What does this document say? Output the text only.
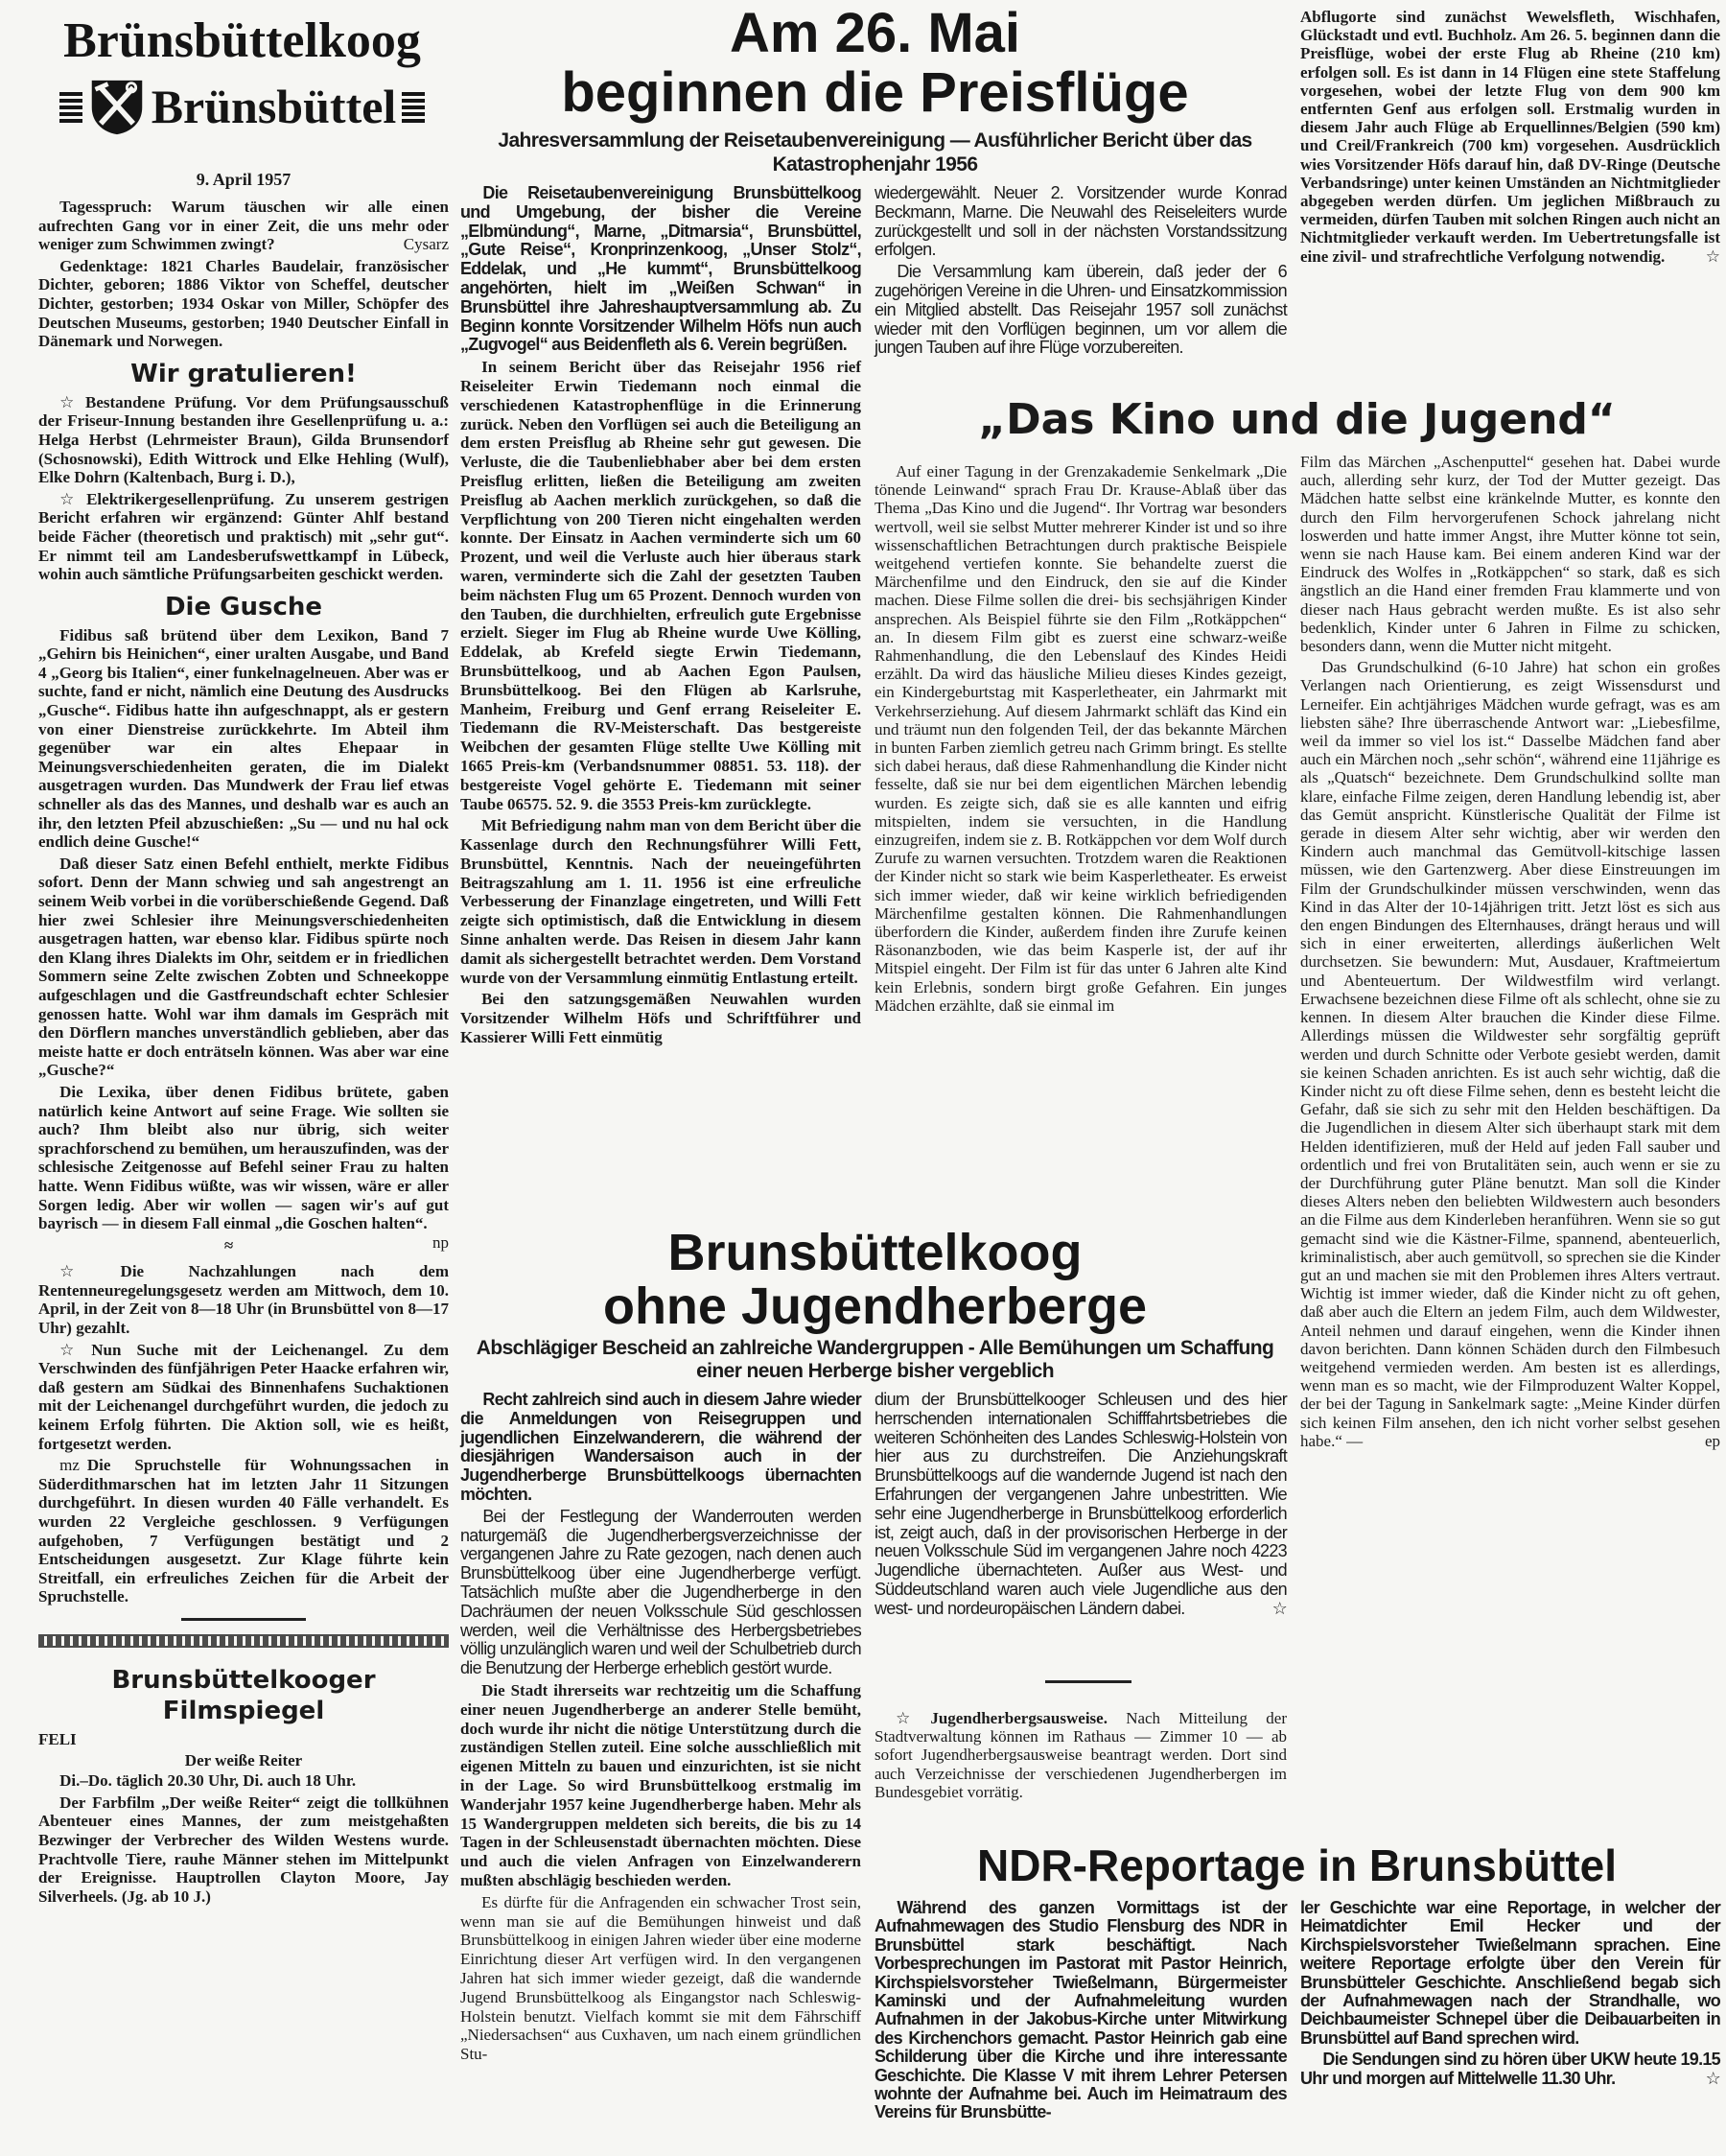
Brünsbüttelkoog
Brünsbüttel
9. April 1957

Tagesspruch: Warum täuschen wir alle einen aufrechten Gang vor in einer Zeit, die uns mehr oder weniger zum Schwimmen zwingt?	Cysarz

Gedenktage: 1821 Charles Baudelair, französischer Dichter, geboren; 1886 Viktor von Scheffel, deutscher Dichter, gestorben; 1934 Oskar von Miller, Schöpfer des Deutschen Museums, gestorben; 1940 Deutscher Einfall in Dänemark und Norwegen.

Wir gratulieren!

☆ Bestandene Prüfung. Vor dem Prüfungsausschuß der Friseur-Innung bestanden ihre Gesellenprüfung u. a.: Helga Herbst (Lehrmeister Braun), Gilda Brunsendorf (Schosnowski), Edith Wittrock und Elke Hehling (Wulf), Elke Dohrn (Kaltenbach, Burg i. D.),

☆ Elektrikergesellenprüfung. Zu unserem gestrigen Bericht erfahren wir ergänzend: Günter Ahlf bestand beide Fächer (theoretisch und praktisch) mit „sehr gut“. Er nimmt teil am Landesberufswettkampf in Lübeck, wohin auch sämtliche Prüfungsarbeiten geschickt werden.

Die Gusche

Fidibus saß brütend über dem Lexikon, Band 7 „Gehirn bis Heinichen“, einer uralten Ausgabe, und Band 4 „Georg bis Italien“, einer funkelnagelneuen. Aber was er suchte, fand er nicht, nämlich eine Deutung des Ausdrucks „Gusche“. Fidibus hatte ihn aufgeschnappt, als er gestern von einer Dienstreise zurückkehrte. Im Abteil ihm gegenüber war ein altes Ehepaar in Meinungsverschiedenheiten geraten, die im Dialekt ausgetragen wurden. Das Mundwerk der Frau lief etwas schneller als das des Mannes, und deshalb war es auch an ihr, den letzten Pfeil abzuschießen: „Su — und nu hal ock endlich deine Gusche!“

Daß dieser Satz einen Befehl enthielt, merkte Fidibus sofort. Denn der Mann schwieg und sah angestrengt an seinem Weib vorbei in die vorüberschießende Gegend. Daß hier zwei Schlesier ihre Meinungsverschiedenheiten ausgetragen hatten, war ebenso klar. Fidibus spürte noch den Klang ihres Dialekts im Ohr, seitdem er in friedlichen Sommern seine Zelte zwischen Zobten und Schneekoppe aufgeschlagen und die Gastfreundschaft echter Schlesier genossen hatte. Wohl war ihm damals im Gespräch mit den Dörflern manches unverständlich geblieben, aber das meiste hatte er doch enträtseln können. Was aber war eine „Gusche?“

Die Lexika, über denen Fidibus brütete, gaben natürlich keine Antwort auf seine Frage. Wie sollten sie auch? Ihm bleibt also nur übrig, sich weiter sprachforschend zu bemühen, um herauszufinden, was der schlesische Zeitgenosse auf Befehl seiner Frau zu halten hatte. Wenn Fidibus wüßte, was wir wissen, wäre er aller Sorgen ledig. Aber wir wollen — sagen wir's auf gut bayrisch — in diesem Fall einmal „die Goschen halten“.
np

≈

☆ Die Nachzahlungen nach dem Rentenneuregelungsgesetz werden am Mittwoch, dem 10. April, in der Zeit von 8—18 Uhr (in Brunsbüttel von 8—17 Uhr) gezahlt.

☆ Nun Suche mit der Leichenangel. Zu dem Verschwinden des fünfjährigen Peter Haacke erfahren wir, daß gestern am Südkai des Binnenhafens Suchaktionen mit der Leichenangel durchgeführt wurden, die jedoch zu keinem Erfolg führten. Die Aktion soll, wie es heißt, fortgesetzt werden.

mz Die Spruchstelle für Wohnungssachen in Süderdithmarschen hat im letzten Jahr 11 Sitzungen durchgeführt. In diesen wurden 40 Fälle verhandelt. Es wurden 22 Vergleiche geschlossen. 9 Verfügungen aufgehoben, 7 Verfügungen bestätigt und 2 Entscheidungen ausgesetzt. Zur Klage führte kein Streitfall, ein erfreuliches Zeichen für die Arbeit der Spruchstelle.

Brunsbüttelkooger Filmspiegel
FELI
Der weiße Reiter

Di.–Do. täglich 20.30 Uhr, Di. auch 18 Uhr.

Der Farbfilm „Der weiße Reiter“ zeigt die tollkühnen Abenteuer eines Mannes, der zum meistgehaßten Bezwinger der Verbrecher des Wilden Westens wurde. Prachtvolle Tiere, rauhe Männer stehen im Mittelpunkt der Ereignisse. Hauptrollen Clayton Moore, Jay Silverheels. (Jg. ab 10 J.)

Am 26. Mai
beginnen die Preisflüge
Jahresversammlung der Reisetaubenvereinigung — Ausführlicher Bericht über das Katastrophenjahr 1956

Die Reisetaubenvereinigung Brunsbüttelkoog und Umgebung, der bisher die Vereine „Elbmündung“, Marne, „Ditmarsia“, Brunsbüttel, „Gute Reise“, Kronprinzenkoog, „Unser Stolz“, Eddelak, und „He kummt“, Brunsbüttelkoog angehörten, hielt im „Weißen Schwan“ in Brunsbüttel ihre Jahreshauptversammlung ab. Zu Beginn konnte Vorsitzender Wilhelm Höfs nun auch „Zugvogel“ aus Beidenfleth als 6. Verein begrüßen.

In seinem Bericht über das Reisejahr 1956 rief Reiseleiter Erwin Tiedemann noch einmal die verschiedenen Katastrophenflüge in die Erinnerung zurück. Neben den Vorflügen sei auch die Beteiligung an dem ersten Preisflug ab Rheine sehr gut gewesen. Die Verluste, die die Taubenliebhaber aber bei dem ersten Preisflug erlitten, ließen die Beteiligung am zweiten Preisflug ab Aachen merklich zurückgehen, so daß die Verpflichtung von 200 Tieren nicht eingehalten werden konnte. Der Einsatz in Aachen verminderte sich um 60 Prozent, und weil die Verluste auch hier überaus stark waren, verminderte sich die Zahl der gesetzten Tauben beim nächsten Flug um 65 Prozent. Dennoch wurden von den Tauben, die durchhielten, erfreulich gute Ergebnisse erzielt. Sieger im Flug ab Rheine wurde Uwe Kölling, Eddelak, ab Krefeld siegte Erwin Tiedemann, Brunsbüttelkoog, und ab Aachen Egon Paulsen, Brunsbüttelkoog. Bei den Flügen ab Karlsruhe, Manheim, Freiburg und Genf errang Reiseleiter E. Tiedemann die RV-Meisterschaft. Das bestgereiste Weibchen der gesamten Flüge stellte Uwe Kölling mit 1665 Preis-km (Verbandsnummer 08851. 53. 118). der bestgereiste Vogel gehörte E. Tiedemann mit seiner Taube 06575. 52. 9. die 3553 Preis-km zurücklegte.

Mit Befriedigung nahm man von dem Bericht über die Kassenlage durch den Rechnungsführer Willi Fett, Brunsbüttel, Kenntnis. Nach der neueingeführten Beitragszahlung am 1. 11. 1956 ist eine erfreuliche Verbesserung der Finanzlage eingetreten, und Willi Fett zeigte sich optimistisch, daß die Entwicklung in diesem Sinne anhalten werde. Das Reisen in diesem Jahr kann damit als sichergestellt betrachtet werden. Dem Vorstand wurde von der Versammlung einmütig Entlastung erteilt.

Bei den satzungsgemäßen Neuwahlen wurden Vorsitzender Wilhelm Höfs und Schriftführer und Kassierer Willi Fett einmütig

wiedergewählt. Neuer 2. Vorsitzender wurde Konrad Beckmann, Marne. Die Neuwahl des Reiseleiters wurde zurückgestellt und soll in der nächsten Vorstandssitzung erfolgen.

Die Versammlung kam überein, daß jeder der 6 zugehörigen Vereine in die Uhren- und Einsatzkommission ein Mitglied abstellt. Das Reisejahr 1957 soll zunächst wieder mit den Vorflügen beginnen, um vor allem die jungen Tauben auf ihre Flüge vorzubereiten.

Abflugorte sind zunächst Wewelsfleth, Wischhafen, Glückstadt und evtl. Buchholz. Am 26. 5. beginnen dann die Preisflüge, wobei der erste Flug ab Rheine (210 km) erfolgen soll. Es ist dann in 14 Flügen eine stete Staffelung vorgesehen, wobei der letzte Flug von dem 900 km entfernten Genf aus erfolgen soll. Erstmalig wurden in diesem Jahr auch Flüge ab Erquellinnes/Belgien (590 km) und Creil/Frankreich (700 km) vorgesehen. Ausdrücklich wies Vorsitzender Höfs darauf hin, daß DV-Ringe (Deutsche Verbandsringe) unter keinen Umständen an Nichtmitglieder abgegeben werden dürfen. Um jeglichen Mißbrauch zu vermeiden, dürfen Tauben mit solchen Ringen auch nicht an Nichtmitglieder verkauft werden. Im Uebertretungsfalle ist eine zivil- und strafrechtliche Verfolgung notwendig. ☆

„Das Kino und die Jugend“

Auf einer Tagung in der Grenzakademie Senkelmark „Die tönende Leinwand“ sprach Frau Dr. Krause-Ablaß über das Thema „Das Kino und die Jugend“. Ihr Vortrag war besonders wertvoll, weil sie selbst Mutter mehrerer Kinder ist und so ihre wissenschaftlichen Betrachtungen durch praktische Beispiele weitgehend vertiefen konnte. Sie behandelte zuerst die Märchenfilme und den Eindruck, den sie auf die Kinder machen. Diese Filme sollen die drei- bis sechsjährigen Kinder ansprechen. Als Beispiel führte sie den Film „Rotkäppchen“ an. In diesem Film gibt es zuerst eine schwarz-weiße Rahmenhandlung, die den Lebenslauf des Kindes Heidi erzählt. Da wird das häusliche Milieu dieses Kindes gezeigt, ein Kindergeburtstag mit Kasperletheater, ein Jahrmarkt mit Verkehrserziehung. Auf diesem Jahrmarkt schläft das Kind ein und träumt nun den folgenden Teil, der das bekannte Märchen in bunten Farben ziemlich getreu nach Grimm bringt. Es stellte sich dabei heraus, daß diese Rahmenhandlung die Kinder nicht fesselte, daß sie nur bei dem eigentlichen Märchen lebendig wurden. Es zeigte sich, daß sie es alle kannten und eifrig mitspielten, indem sie versuchten, in die Handlung einzugreifen, indem sie z. B. Rotkäppchen vor dem Wolf durch Zurufe zu warnen versuchten. Trotzdem waren die Reaktionen der Kinder nicht so stark wie beim Kasperletheater. Es erweist sich immer wieder, daß wir keine wirklich befriedigenden Märchenfilme gestalten können. Die Rahmenhandlungen überfordern die Kinder, außerdem finden ihre Zurufe keinen Räsonanzboden, wie das beim Kasperle ist, der auf ihr Mitspiel eingeht. Der Film ist für das unter 6 Jahren alte Kind kein Erlebnis, sondern birgt große Gefahren. Ein junges Mädchen erzählte, daß sie einmal im

Film das Märchen „Aschenputtel“ gesehen hat. Dabei wurde auch, allerding sehr kurz, der Tod der Mutter gezeigt. Das Mädchen hatte selbst eine kränkelnde Mutter, es konnte den durch den Film hervorgerufenen Schock jahrelang nicht loswerden und hatte immer Angst, ihre Mutter könne tot sein, wenn sie nach Hause kam. Bei einem anderen Kind war der Eindruck des Wolfes in „Rotkäppchen“ so stark, daß es sich ängstlich an die Hand einer fremden Frau klammerte und von dieser nach Haus gebracht werden mußte. Es ist also sehr bedenklich, Kinder unter 6 Jahren in Filme zu schicken, besonders dann, wenn die Mutter nicht mitgeht.

Das Grundschulkind (6-10 Jahre) hat schon ein großes Verlangen nach Orientierung, es zeigt Wissensdurst und Lerneifer. Ein achtjähriges Mädchen wurde gefragt, was es am liebsten sähe? Ihre überraschende Antwort war: „Liebesfilme, weil da immer so viel los ist.“ Dasselbe Mädchen fand aber auch ein Märchen noch „sehr schön“, während eine 11jährige es als „Quatsch“ bezeichnete. Dem Grundschulkind sollte man klare, einfache Filme zeigen, deren Handlung lebendig ist, aber das Gemüt anspricht. Künstlerische Qualität der Filme ist gerade in diesem Alter sehr wichtig, aber wir werden den Kindern auch manchmal das Gemütvoll-kitschige lassen müssen, wie den Gartenzwerg. Aber diese Einstreuungen im Film der Grundschulkinder müssen verschwinden, wenn das Kind in das Alter der 10-14jährigen tritt. Jetzt löst es sich aus den engen Bindungen des Elternhauses, drängt heraus und will sich in einer erweiterten, allerdings äußerlichen Welt durchsetzen. Sie bewundern: Mut, Ausdauer, Kraftmeiertum und Abenteuertum. Der Wildwestfilm wird verlangt. Erwachsene bezeichnen diese Filme oft als schlecht, ohne sie zu kennen. In diesem Alter brauchen die Kinder diese Filme. Allerdings müssen die Wildwester sehr sorgfältig geprüft werden und durch Schnitte oder Verbote gesiebt werden, damit sie keinen Schaden anrichten. Es ist auch sehr wichtig, daß die Kinder nicht zu oft diese Filme sehen, denn es besteht leicht die Gefahr, daß sie sich zu sehr mit den Helden beschäftigen. Da die Jugendlichen in diesem Alter sich überhaupt stark mit dem Helden identifizieren, muß der Held auf jeden Fall sauber und ordentlich und frei von Brutalitäten sein, auch wenn er sie zu der Durchführung guter Pläne benutzt. Man soll die Kinder dieses Alters neben den beliebten Wildwestern auch besonders an die Filme aus dem Kinderleben heranführen. Wenn sie so gut gemacht sind wie die Kästner-Filme, spannend, abenteuerlich, kriminalistisch, aber auch gemütvoll, so sprechen sie die Kinder gut an und machen sie mit den Problemen ihres Alters vertraut. Wichtig ist immer wieder, daß die Kinder nicht zu oft gehen, daß aber auch die Eltern an jedem Film, auch dem Wildwester, Anteil nehmen und darauf eingehen, wenn die Kinder ihnen davon berichten. Dann können Schäden durch den Filmbesuch weitgehend vermieden werden. Am besten ist es allerdings, wenn man es so macht, wie der Filmproduzent Walter Koppel, der bei der Tagung in Sankelmark sagte: „Meine Kinder dürfen sich keinen Film ansehen, den ich nicht vorher selbst gesehen habe.“ —	ep

Brunsbüttelkoog
ohne Jugendherberge
Abschlägiger Bescheid an zahlreiche Wandergruppen - Alle Bemühungen um Schaffung einer neuen Herberge bisher vergeblich

Recht zahlreich sind auch in diesem Jahre wieder die Anmeldungen von Reisegruppen und jugendlichen Einzelwanderern, die während der diesjährigen Wandersaison auch in der Jugendherberge Brunsbüttelkoogs übernachten möchten.

Bei der Festlegung der Wanderrouten werden naturgemäß die Jugendherbergsverzeichnisse der vergangenen Jahre zu Rate gezogen, nach denen auch Brunsbüttelkoog über eine Jugendherberge verfügt. Tatsächlich mußte aber die Jugendherberge in den Dachräumen der neuen Volksschule Süd geschlossen werden, weil die Verhältnisse des Herbergsbetriebes völlig unzulänglich waren und weil der Schulbetrieb durch die Benutzung der Herberge erheblich gestört wurde.

Die Stadt ihrerseits war rechtzeitig um die Schaffung einer neuen Jugendherberge an anderer Stelle bemüht, doch wurde ihr nicht die nötige Unterstützung durch die zuständigen Stellen zuteil. Eine solche ausschließlich mit eigenen Mitteln zu bauen und einzurichten, ist sie nicht in der Lage. So wird Brunsbüttelkoog erstmalig im Wanderjahr 1957 keine Jugendherberge haben. Mehr als 15 Wandergruppen meldeten sich bereits, die bis zu 14 Tagen in der Schleusenstadt übernachten möchten. Diese und auch die vielen Anfragen von Einzelwanderern mußten abschlägig beschieden werden.

Es dürfte für die Anfragenden ein schwacher Trost sein, wenn man sie auf die Bemühungen hinweist und daß Brunsbüttelkoog in einigen Jahren wieder über eine moderne Einrichtung dieser Art verfügen wird. In den vergangenen Jahren hat sich immer wieder gezeigt, daß die wandernde Jugend Brunsbüttelkoog als Eingangstor nach Schleswig-Holstein benutzt. Vielfach kommt sie mit dem Fährschiff „Niedersachsen“ aus Cuxhaven, um nach einem gründlichen Stu-

dium der Brunsbüttelkooger Schleusen und des hier herrschenden internationalen Schifffahrtsbetriebes die weiteren Schönheiten des Landes Schleswig-Holstein von hier aus zu durchstreifen. Die Anziehungskraft Brunsbüttelkoogs auf die wandernde Jugend ist nach den Erfahrungen der vergangenen Jahre unbestritten. Wie sehr eine Jugendherberge in Brunsbüttelkoog erforderlich ist, zeigt auch, daß in der provisorischen Herberge in der neuen Volksschule Süd im vergangenen Jahre noch 4223 Jugendliche übernachteten. Außer aus West- und Süddeutschland waren auch viele Jugendliche aus den west- und nordeuropäischen Ländern dabei.	☆

☆ Jugendherbergsausweise. Nach Mitteilung der Stadtverwaltung können im Rathaus — Zimmer 10 — ab sofort Jugendherbergsausweise beantragt werden. Dort sind auch Verzeichnisse der verschiedenen Jugendherbergen im Bundesgebiet vorrätig.

NDR-Reportage in Brunsbüttel

Während des ganzen Vormittags ist der Aufnahmewagen des Studio Flensburg des NDR in Brunsbüttel stark beschäftigt. Nach Vorbesprechungen im Pastorat mit Pastor Heinrich, Kirchspielsvorsteher Twießelmann, Bürgermeister Kaminski und der Aufnahmeleitung wurden Aufnahmen in der Jakobus-Kirche unter Mitwirkung des Kirchenchors gemacht. Pastor Heinrich gab eine Schilderung über die Kirche und ihre interessante Geschichte. Die Klasse V mit ihrem Lehrer Petersen wohnte der Aufnahme bei. Auch im Heimatraum des Vereins für Brunsbütte-

ler Geschichte war eine Reportage, in welcher der Heimatdichter Emil Hecker und der Kirchspielsvorsteher Twießelmann sprachen. Eine weitere Reportage erfolgte über den Verein für Brunsbütteler Geschichte. Anschließend begab sich der Aufnahmewagen nach der Strandhalle, wo Deichbaumeister Schnepel über die Deibauarbeiten in Brunsbüttel auf Band sprechen wird.

Die Sendungen sind zu hören über UKW heute 19.15 Uhr und morgen auf Mittelwelle 11.30 Uhr.	☆
